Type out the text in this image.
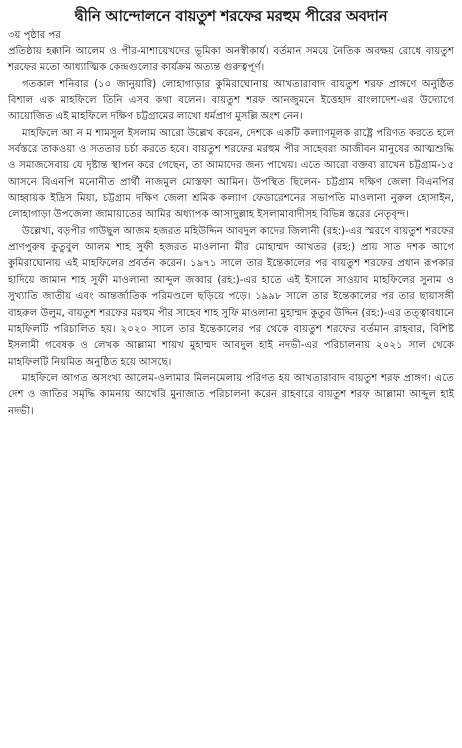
দ্বীনি আন্দোলনে বায়তুশ শরফের মরহুম পীরের অবদান
৩য় পৃষ্ঠার পর

প্রতিষ্ঠায় হক্কানি আলেম ও পীর-মাশায়েখদের ভূমিকা অনস্বীকার্য। বর্তমান সময়ে নৈতিক অবক্ষয় রোধে বায়তুশ শরফের মতো আধ্যাত্মিক কেন্দ্রগুলোর কার্যক্রম অত্যন্ত গুরুত্বপূর্ণ।

গতকাল শনিবার (১০ জানুয়ারি) লোহাগাড়ার কুমিরাঘোনায় আখতারাবাদ বায়তুশ শরফ প্রাঙ্গণে অনুষ্ঠিত বিশাল এক মাহফিলে তিনি এসব কথা বলেন। বায়তুশ শরফ আনজুমনে ইত্তেহাদ বাংলাদেশ-এর উদ্যোগে আয়োজিত এই মাহফিলে দক্ষিণ চট্টগ্রামের লাখো ধর্মপ্রাণ মুসল্লি অংশ নেন।

মাহফিলে আ ন ম শামসুল ইসলাম আরো উল্লেখ করেন, দেশকে একটি কল্যাণমূলক রাষ্ট্রে পরিণত করতে হলে সর্বস্তরে তাকওয়া ও সততার চর্চা করতে হবে। বায়তুশ শরফের মরহুম পীর সাহেবরা আজীবন মানুষের আত্মশুদ্ধি ও সমাজসেবায় যে দৃষ্টান্ত স্থাপন করে গেছেন, তা আমাদের জন্য পাথেয়। এতে আরো বক্তব্য রাখেন চট্টগ্রাম-১৫ আসনে বিএনপি মনোনীত প্রার্থী নাজমুল মোস্তফা আমিন। উপস্থিত ছিলেন- চট্টগ্রাম দক্ষিণ জেলা বিএনপির আহ্বায়ক ইদ্রিস মিয়া, চট্টগ্রাম দক্ষিণ জেলা শ্রমিক কল্যাণ ফেডারেশনের সভাপতি মাওলানা নুরুল হোসাইন, লোহাগাড়া উপজেলা জামায়াতের আমির অধ্যাপক আসাদুল্লাহ ইসলামাবাদীসহ বিভিন্ন স্তরের নেতৃবৃন্দ।

উল্লেখ্য, বড়পীর গাউছুল আজম হজরত মহিউদ্দিন আবদুল কাদের জিলানী (রহ:)-এর স্মরণে বায়তুশ শরফের প্রাণপুরুষ কুতুবুল আলম শাহ সুফী হজরত মাওলানা মীর মোহাম্মদ আখতর (রহ:) প্রায় সাত দশক আগে কুমিরাঘোনায় এই মাহফিলের প্রবর্তন করেন। ১৯৭১ সালে তার ইন্তেকালের পর বায়তুশ শরফের প্রধান রূপকার হাদিয়ে জামান শাহ সুফী মাওলানা আব্দুল জব্বার (রহ:)-এর হাতে এই ইসালে সাওয়াব মাহফিলের সুনাম ও সুখ্যাতি জাতীয় এবং আন্তর্জাতিক পরিমণ্ডলে ছড়িয়ে পড়ে। ১৯৯৮ সালে তার ইন্তেকালের পর তার ছায়াসঙ্গী বাহরুল উলুম, বায়তুশ শরফের মরহুম পীর সাহেব শাহ সুফি মাওলানা মুহাম্মদ কুতুব উদ্দিন (রহ:)-এর তত্ত্বাবধানে মাহফিলটি পরিচালিত হয়। ২০২০ সালে তার ইন্তেকালের পর থেকে বায়তুশ শরফের বর্তমান রাহবার, বিশিষ্ট ইসলামী গবেষক ও লেখক আল্লামা শায়খ মুহাম্মদ আবদুল হাই নদভী-এর পরিচালনায় ২০২১ সাল থেকে মাহফিলটি নিয়মিত অনুষ্ঠিত হয়ে আসছে।

মাহফিলে আগত অসংখ্য আলেম-ওলামার মিলনমেলায় পরিণত হয় আখতারাবাদ বায়তুশ শরফ প্রাঙ্গণ। এতে দেশ ও জাতির সমৃদ্ধি কামনায় আখেরি মুনাজাত পরিচালনা করেন রাহবারে বায়তুশ শরফ আল্লামা আব্দুল হাই নদভী।
